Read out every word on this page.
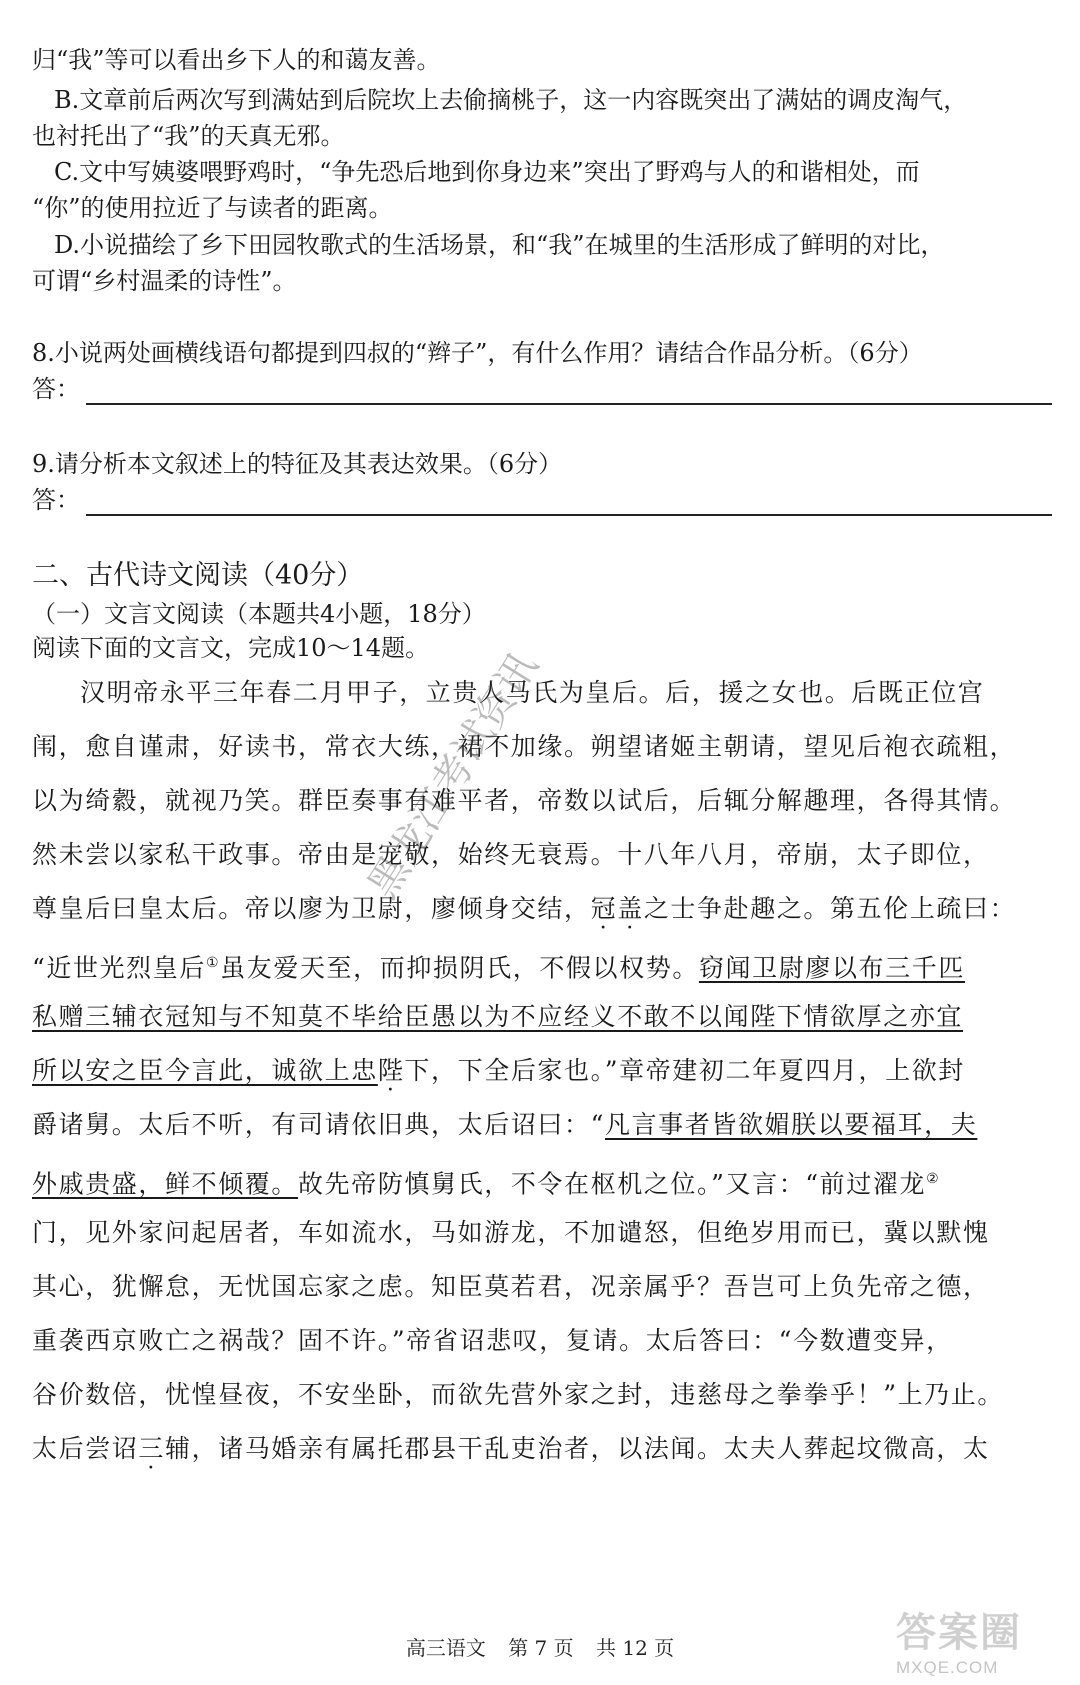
归“我”等可以看出乡下人的和蔼友善。
B.文章前后两次写到满姑到后院坎上去偷摘桃子，这一内容既突出了满姑的调皮淘气，
也衬托出了“我”的天真无邪。
C.文中写姨婆喂野鸡时，“争先恐后地到你身边来”突出了野鸡与人的和谐相处，而
“你”的使用拉近了与读者的距离。
D.小说描绘了乡下田园牧歌式的生活场景，和“我”在城里的生活形成了鲜明的对比，
可谓“乡村温柔的诗性”。
8.小说两处画横线语句都提到四叔的“辫子”，有什么作用？请结合作品分析。（6分）
答：
9.请分析本文叙述上的特征及其表达效果。（6分）
答：
二、古代诗文阅读（40分）
（一）文言文阅读（本题共4小题，18分）
阅读下面的文言文，完成10～14题。
汉明帝永平三年春二月甲子，立贵人马氏为皇后。后，援之女也。后既正位宫
闱，愈自谨肃，好读书，常衣大练，裙不加缘。朔望诸姬主朝请，望见后袍衣疏粗，
以为绮縠，就视乃笑。群臣奏事有难平者，帝数以试后，后辄分解趣理，各得其情。
然未尝以家私干政事。帝由是宠敬，始终无衰焉。十八年八月，帝崩，太子即位，
尊皇后曰皇太后。帝以廖为卫尉，廖倾身交结，冠盖之士争赴趣之。第五伦上疏曰：
“近世光烈皇后①虽友爱天至，而抑损阴氏，不假以权势。窃闻卫尉廖以布三千匹
私赠三辅衣冠知与不知莫不毕给臣愚以为不应经义不敢不以闻陛下情欲厚之亦宜
所以安之臣今言此，诚欲上忠陛下，下全后家也。”章帝建初二年夏四月，上欲封
爵诸舅。太后不听，有司请依旧典，太后诏曰：“凡言事者皆欲媚朕以要福耳，夫
外戚贵盛，鲜不倾覆。故先帝防慎舅氏，不令在枢机之位。”又言：“前过濯龙②
门，见外家问起居者，车如流水，马如游龙，不加谴怒，但绝岁用而已，冀以默愧
其心，犹懈怠，无忧国忘家之虑。知臣莫若君，况亲属乎？吾岂可上负先帝之德，
重袭西京败亡之祸哉？固不许。”帝省诏悲叹，复请。太后答曰：“今数遭变异，
谷价数倍，忧惶昼夜，不安坐卧，而欲先营外家之封，违慈母之拳拳乎！”上乃止。
太后尝诏三辅，诸马婚亲有属托郡县干乱吏治者，以法闻。太夫人葬起坟微高，太
黑龙江考试资讯
高三语文 第 7 页 共 12 页	答案圈
MXQE.COM
